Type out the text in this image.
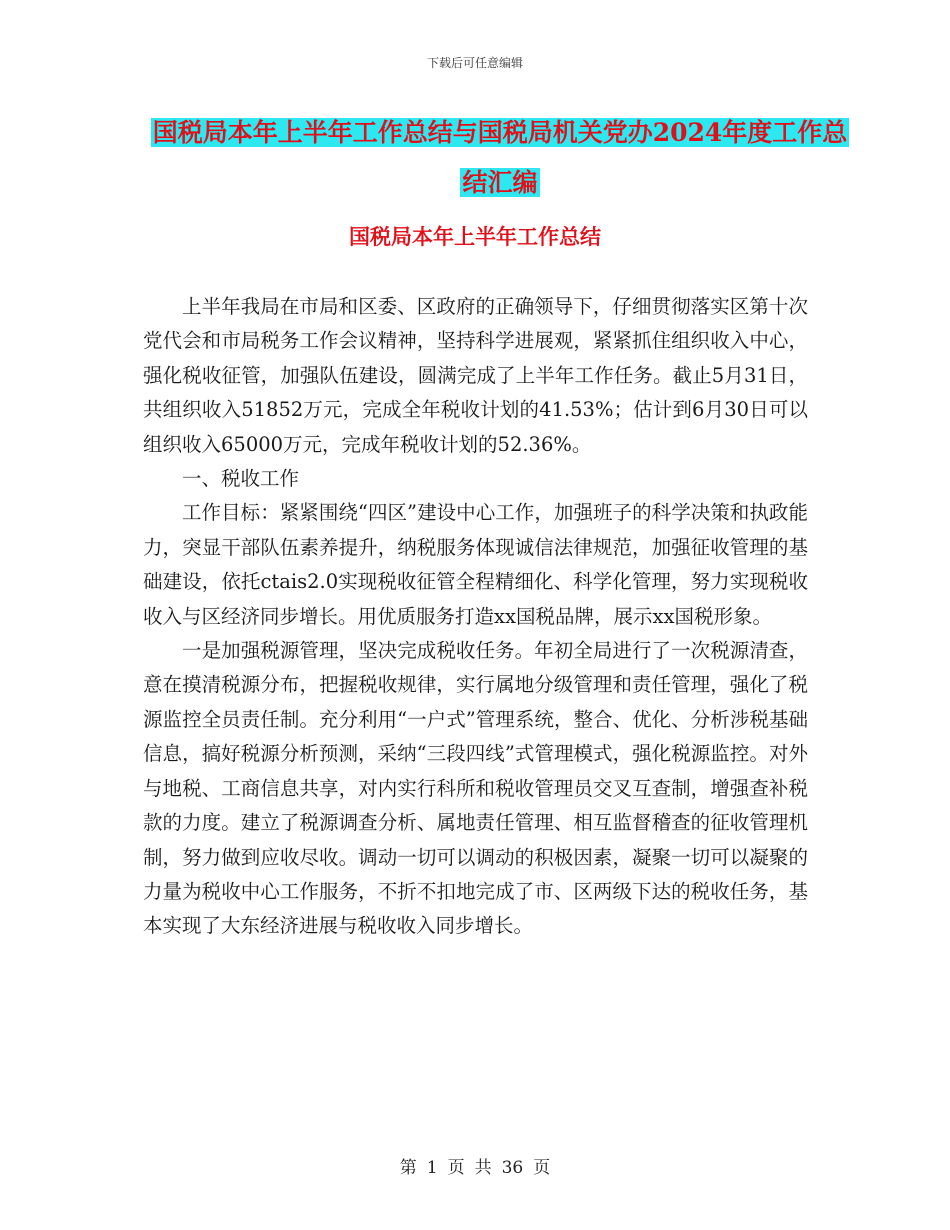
下载后可任意编辑
国税局本年上半年工作总结与国税局机关党办2024年度工作总结汇编
国税局本年上半年工作总结

上半年我局在市局和区委、区政府的正确领导下，仔细贯彻落实区第十次党代会和市局税务工作会议精神，坚持科学进展观，紧紧抓住组织收入中心，强化税收征管，加强队伍建设，圆满完成了上半年工作任务。截止5月31日，共组织收入51852万元，完成全年税收计划的41.53%；估计到6月30日可以组织收入65000万元，完成年税收计划的52.36%。

一、税收工作

工作目标：紧紧围绕“四区”建设中心工作，加强班子的科学决策和执政能力，突显干部队伍素养提升，纳税服务体现诚信法律规范，加强征收管理的基础建设，依托ctais2.0实现税收征管全程精细化、科学化管理，努力实现税收收入与区经济同步增长。用优质服务打造xx国税品牌，展示xx国税形象。

一是加强税源管理，坚决完成税收任务。年初全局进行了一次税源清查，意在摸清税源分布，把握税收规律，实行属地分级管理和责任管理，强化了税源监控全员责任制。充分利用“一户式”管理系统，整合、优化、分析涉税基础信息，搞好税源分析预测，采纳“三段四线”式管理模式，强化税源监控。对外与地税、工商信息共享，对内实行科所和税收管理员交叉互查制，增强查补税款的力度。建立了税源调查分析、属地责任管理、相互监督稽查的征收管理机制，努力做到应收尽收。调动一切可以调动的积极因素，凝聚一切可以凝聚的力量为税收中心工作服务，不折不扣地完成了市、区两级下达的税收任务，基本实现了大东经济进展与税收收入同步增长。

第 1 页 共 36 页
